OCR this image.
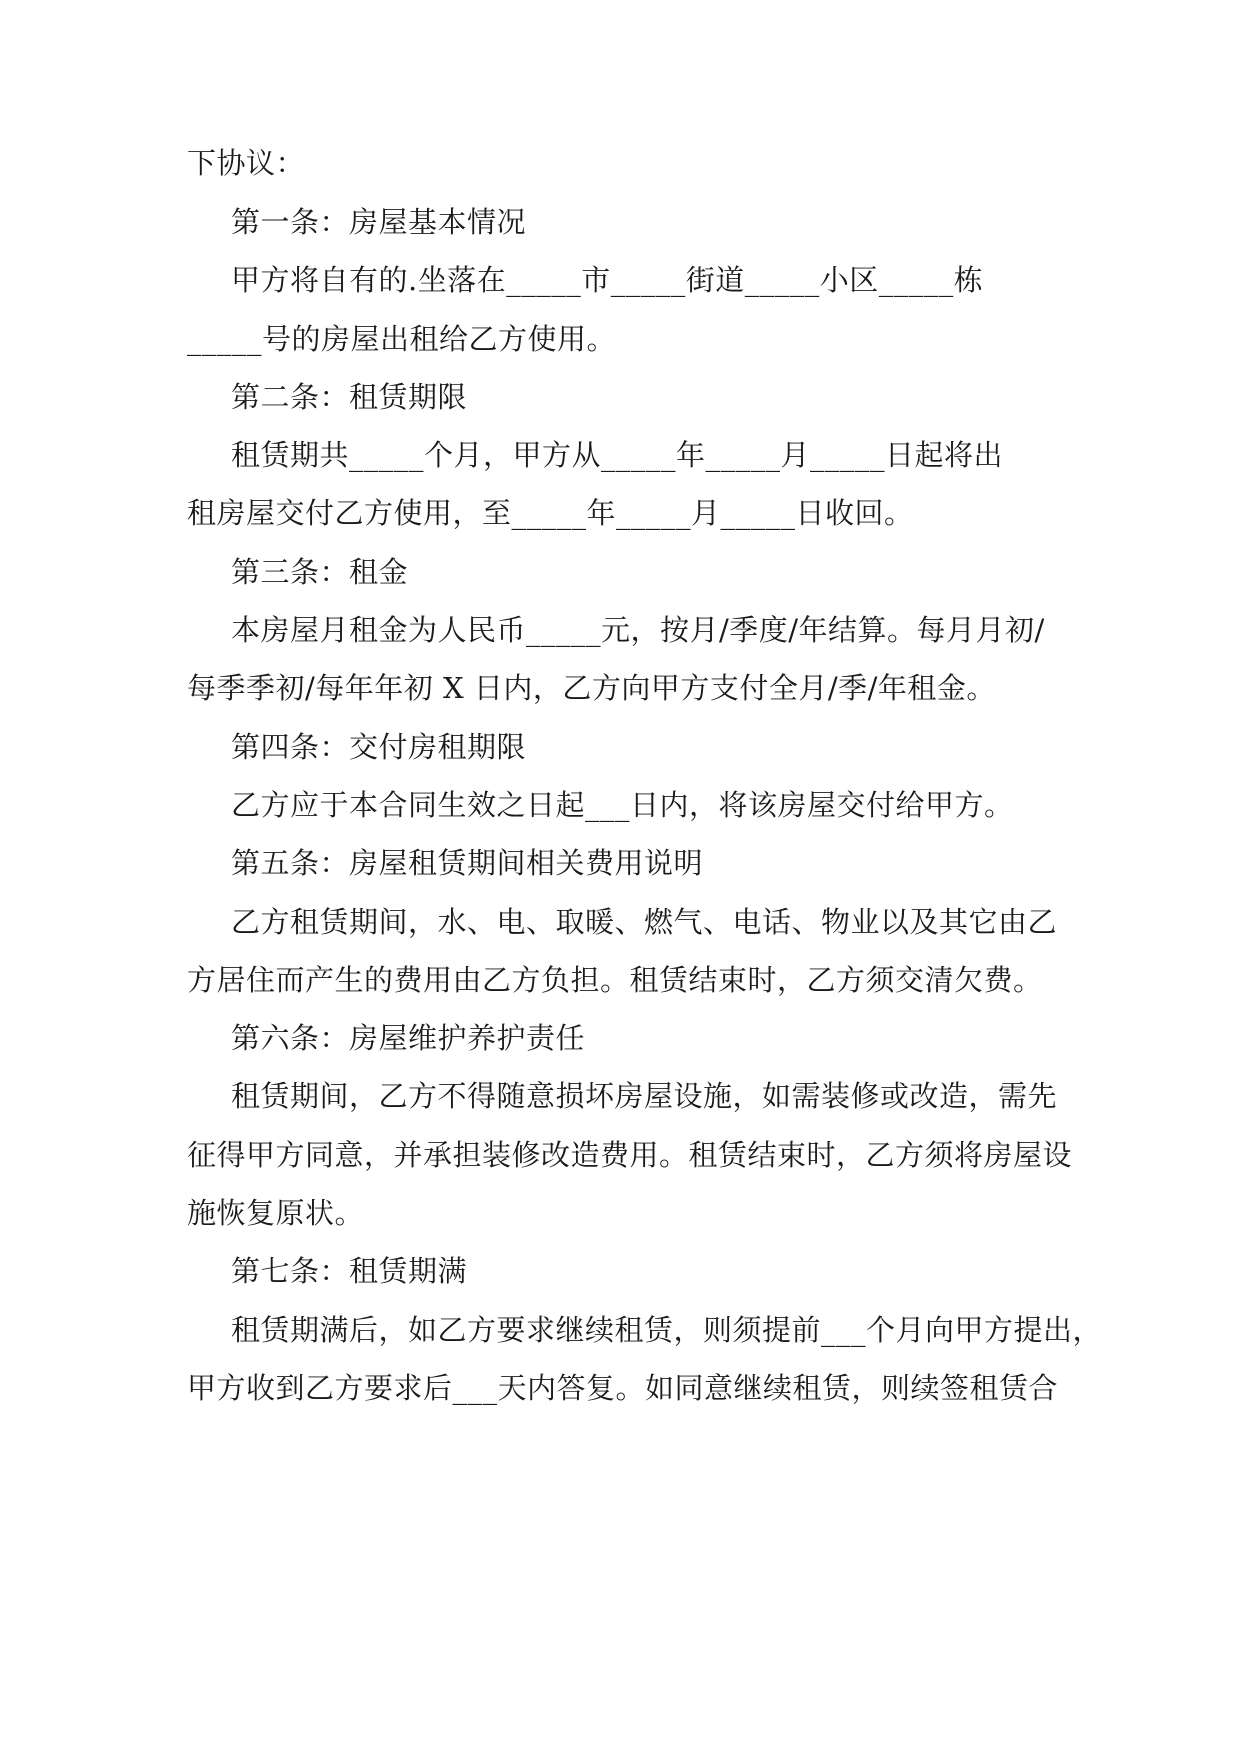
下协议：
第一条：房屋基本情况
甲方将自有的.坐落在_____市_____街道_____小区_____栋
_____号的房屋出租给乙方使用。
第二条：租赁期限
租赁期共_____个月，甲方从_____年_____月_____日起将出
租房屋交付乙方使用，至_____年_____月_____日收回。
第三条：租金
本房屋月租金为人民币_____元，按月/季度/年结算。每月月初/
每季季初/每年年初 X 日内，乙方向甲方支付全月/季/年租金。
第四条：交付房租期限
乙方应于本合同生效之日起___日内，将该房屋交付给甲方。
第五条：房屋租赁期间相关费用说明
乙方租赁期间，水、电、取暖、燃气、电话、物业以及其它由乙
方居住而产生的费用由乙方负担。租赁结束时，乙方须交清欠费。
第六条：房屋维护养护责任
租赁期间，乙方不得随意损坏房屋设施，如需装修或改造，需先
征得甲方同意，并承担装修改造费用。租赁结束时，乙方须将房屋设
施恢复原状。
第七条：租赁期满
租赁期满后，如乙方要求继续租赁，则须提前___个月向甲方提出，
甲方收到乙方要求后___天内答复。如同意继续租赁，则续签租赁合
